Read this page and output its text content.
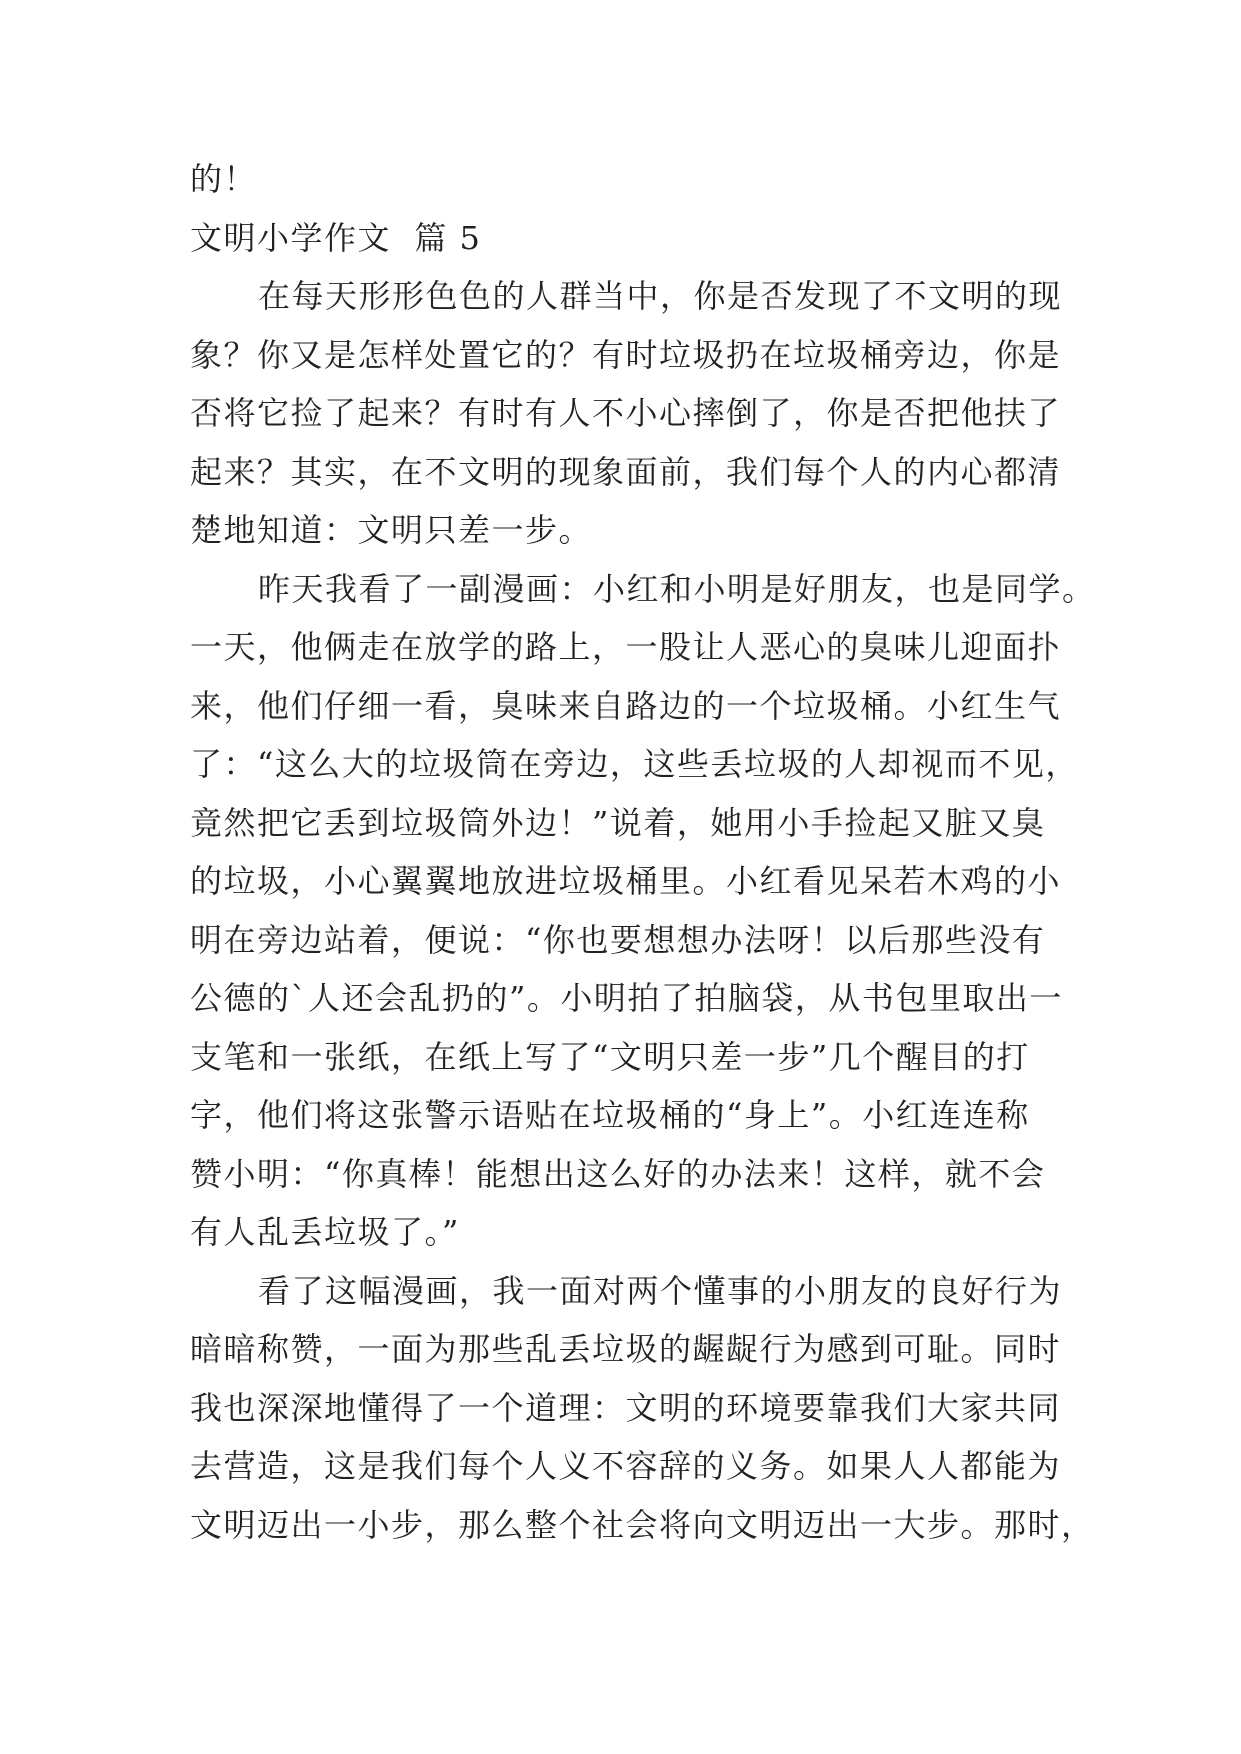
的！
文明小学作文  篇 5
在每天形形色色的人群当中，你是否发现了不文明的现
象？你又是怎样处置它的？有时垃圾扔在垃圾桶旁边，你是
否将它捡了起来？有时有人不小心摔倒了，你是否把他扶了
起来？其实，在不文明的现象面前，我们每个人的内心都清
楚地知道：文明只差一步。
昨天我看了一副漫画：小红和小明是好朋友，也是同学。
一天，他俩走在放学的路上，一股让人恶心的臭味儿迎面扑
来，他们仔细一看，臭味来自路边的一个垃圾桶。小红生气
了：“这么大的垃圾筒在旁边，这些丢垃圾的人却视而不见，
竟然把它丢到垃圾筒外边！”说着，她用小手捡起又脏又臭
的垃圾，小心翼翼地放进垃圾桶里。小红看见呆若木鸡的小
明在旁边站着，便说：“你也要想想办法呀！以后那些没有
公德的`人还会乱扔的”。小明拍了拍脑袋，从书包里取出一
支笔和一张纸，在纸上写了“文明只差一步”几个醒目的打
字，他们将这张警示语贴在垃圾桶的“身上”。小红连连称
赞小明：“你真棒！能想出这么好的办法来！这样，就不会
有人乱丢垃圾了。”
看了这幅漫画，我一面对两个懂事的小朋友的良好行为
暗暗称赞，一面为那些乱丢垃圾的龌龊行为感到可耻。同时
我也深深地懂得了一个道理：文明的环境要靠我们大家共同
去营造，这是我们每个人义不容辞的义务。如果人人都能为
文明迈出一小步，那么整个社会将向文明迈出一大步。那时，
